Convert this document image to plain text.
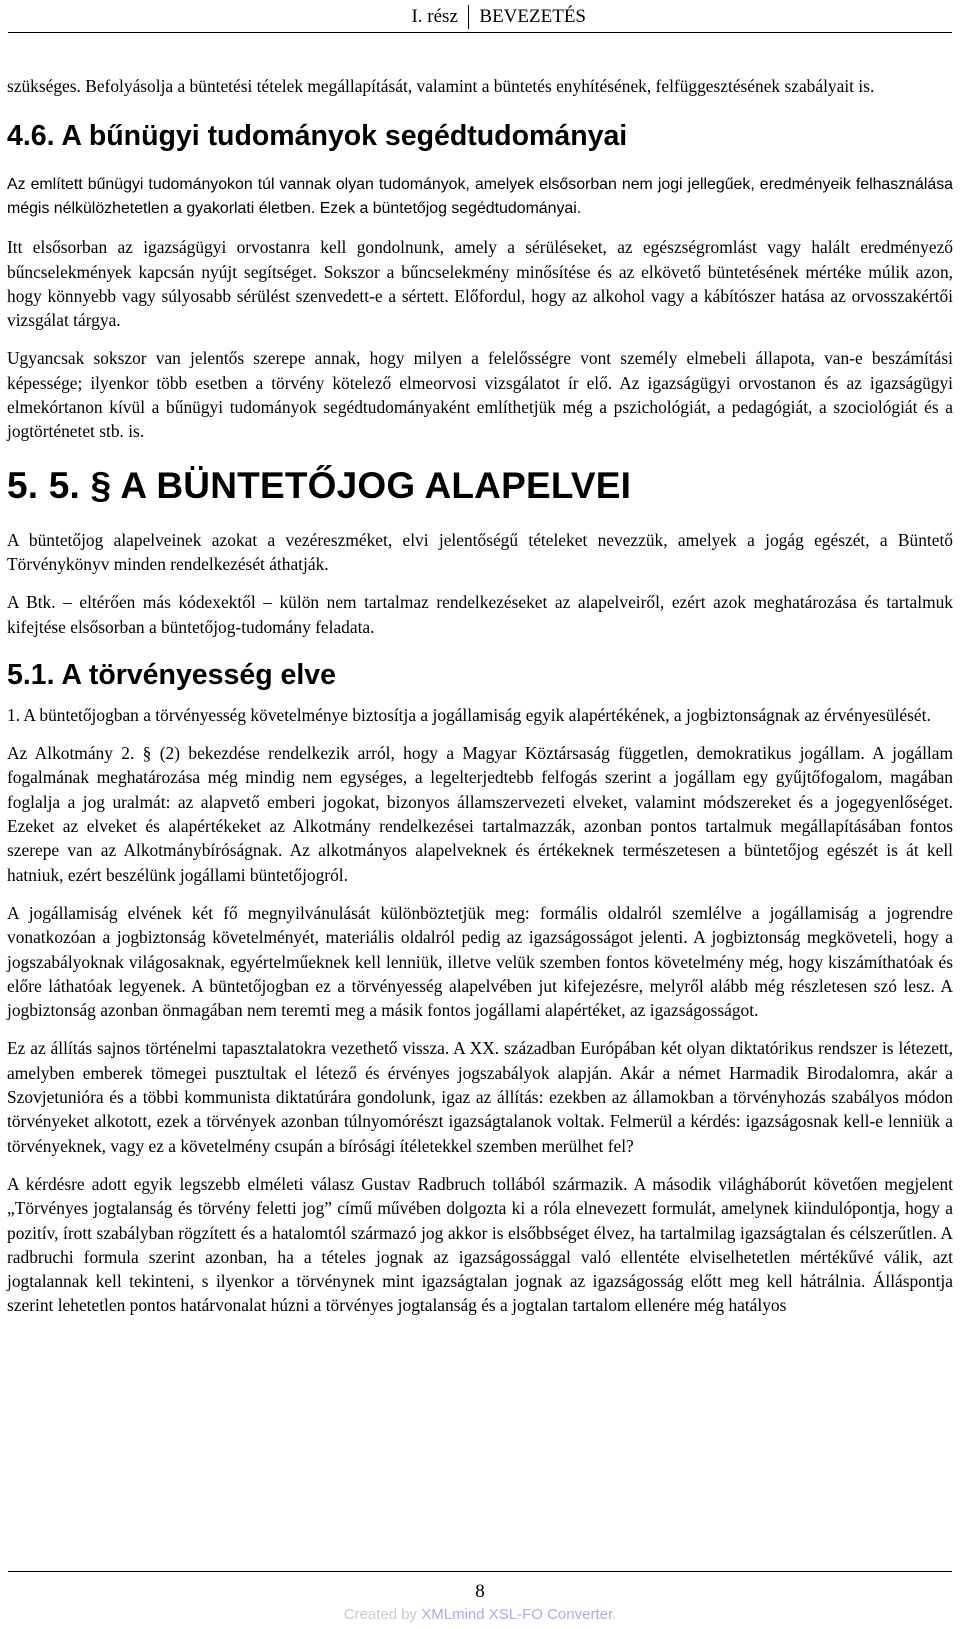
I. rész BEVEZETÉS

szükséges. Befolyásolja a büntetési tételek megállapítását, valamint a büntetés enyhítésének, felfüggesztésének szabályait is.

4.6. A bűnügyi tudományok segédtudományai

Az említett bűnügyi tudományokon túl vannak olyan tudományok, amelyek elsősorban nem jogi jellegűek, eredményeik felhasználása mégis nélkülözhetetlen a gyakorlati életben. Ezek a büntetőjog segédtudományai.

Itt elsősorban az igazságügyi orvostanra kell gondolnunk, amely a sérüléseket, az egészségromlást vagy halált eredményező bűncselekmények kapcsán nyújt segítséget. Sokszor a bűncselekmény minősítése és az elkövető büntetésének mértéke múlik azon, hogy könnyebb vagy súlyosabb sérülést szenvedett-e a sértett. Előfordul, hogy az alkohol vagy a kábítószer hatása az orvosszakértői vizsgálat tárgya.

Ugyancsak sokszor van jelentős szerepe annak, hogy milyen a felelősségre vont személy elmebeli állapota, van-e beszámítási képessége; ilyenkor több esetben a törvény kötelező elmeorvosi vizsgálatot ír elő. Az igazságügyi orvostanon és az igazságügyi elmekórtanon kívül a bűnügyi tudományok segédtudományaként említhetjük még a pszichológiát, a pedagógiát, a szociológiát és a jogtörténetet stb. is.

5. 5. § A BÜNTETŐJOG ALAPELVEI

A büntetőjog alapelveinek azokat a vezéreszméket, elvi jelentőségű tételeket nevezzük, amelyek a jogág egészét, a Büntető Törvénykönyv minden rendelkezését áthatják.

A Btk. – eltérően más kódexektől – külön nem tartalmaz rendelkezéseket az alapelveiről, ezért azok meghatározása és tartalmuk kifejtése elsősorban a büntetőjog-tudomány feladata.

5.1. A törvényesség elve

1. A büntetőjogban a törvényesség követelménye biztosítja a jogállamiság egyik alapértékének, a jogbiztonságnak az érvényesülését.

Az Alkotmány 2. § (2) bekezdése rendelkezik arról, hogy a Magyar Köztársaság független, demokratikus jogállam. A jogállam fogalmának meghatározása még mindig nem egységes, a legelterjedtebb felfogás szerint a jogállam egy gyűjtőfogalom, magában foglalja a jog uralmát: az alapvető emberi jogokat, bizonyos államszervezeti elveket, valamint módszereket és a jogegyenlőséget. Ezeket az elveket és alapértékeket az Alkotmány rendelkezései tartalmazzák, azonban pontos tartalmuk megállapításában fontos szerepe van az Alkotmánybíróságnak. Az alkotmányos alapelveknek és értékeknek természetesen a büntetőjog egészét is át kell hatniuk, ezért beszélünk jogállami büntetőjogról.

A jogállamiság elvének két fő megnyilvánulását különböztetjük meg: formális oldalról szemlélve a jogállamiság a jogrendre vonatkozóan a jogbiztonság követelményét, materiális oldalról pedig az igazságosságot jelenti. A jogbiztonság megköveteli, hogy a jogszabályoknak világosaknak, egyértelműeknek kell lenniük, illetve velük szemben fontos követelmény még, hogy kiszámíthatóak és előre láthatóak legyenek. A büntetőjogban ez a törvényesség alapelvében jut kifejezésre, melyről alább még részletesen szó lesz. A jogbiztonság azonban önmagában nem teremti meg a másik fontos jogállami alapértéket, az igazságosságot.

Ez az állítás sajnos történelmi tapasztalatokra vezethető vissza. A XX. században Európában két olyan diktatórikus rendszer is létezett, amelyben emberek tömegei pusztultak el létező és érvényes jogszabályok alapján. Akár a német Harmadik Birodalomra, akár a Szovjetunióra és a többi kommunista diktatúrára gondolunk, igaz az állítás: ezekben az államokban a törvényhozás szabályos módon törvényeket alkotott, ezek a törvények azonban túlnyomórészt igazságtalanok voltak. Felmerül a kérdés: igazságosnak kell-e lenniük a törvényeknek, vagy ez a követelmény csupán a bírósági ítéletekkel szemben merülhet fel?

A kérdésre adott egyik legszebb elméleti válasz Gustav Radbruch tollából származik. A második világháborút követően megjelent „Törvényes jogtalanság és törvény feletti jog” című művében dolgozta ki a róla elnevezett formulát, amelynek kiindulópontja, hogy a pozitív, írott szabályban rögzített és a hatalomtól származó jog akkor is elsőbbséget élvez, ha tartalmilag igazságtalan és célszerűtlen. A radbruchi formula szerint azonban, ha a tételes jognak az igazságossággal való ellentéte elviselhetetlen mértékűvé válik, azt jogtalannak kell tekinteni, s ilyenkor a törvénynek mint igazságtalan jognak az igazságosság előtt meg kell hátrálnia. Álláspontja szerint lehetetlen pontos határvonalat húzni a törvényes jogtalanság és a jogtalan tartalom ellenére még hatályos

8
Created by XMLmind XSL-FO Converter.
